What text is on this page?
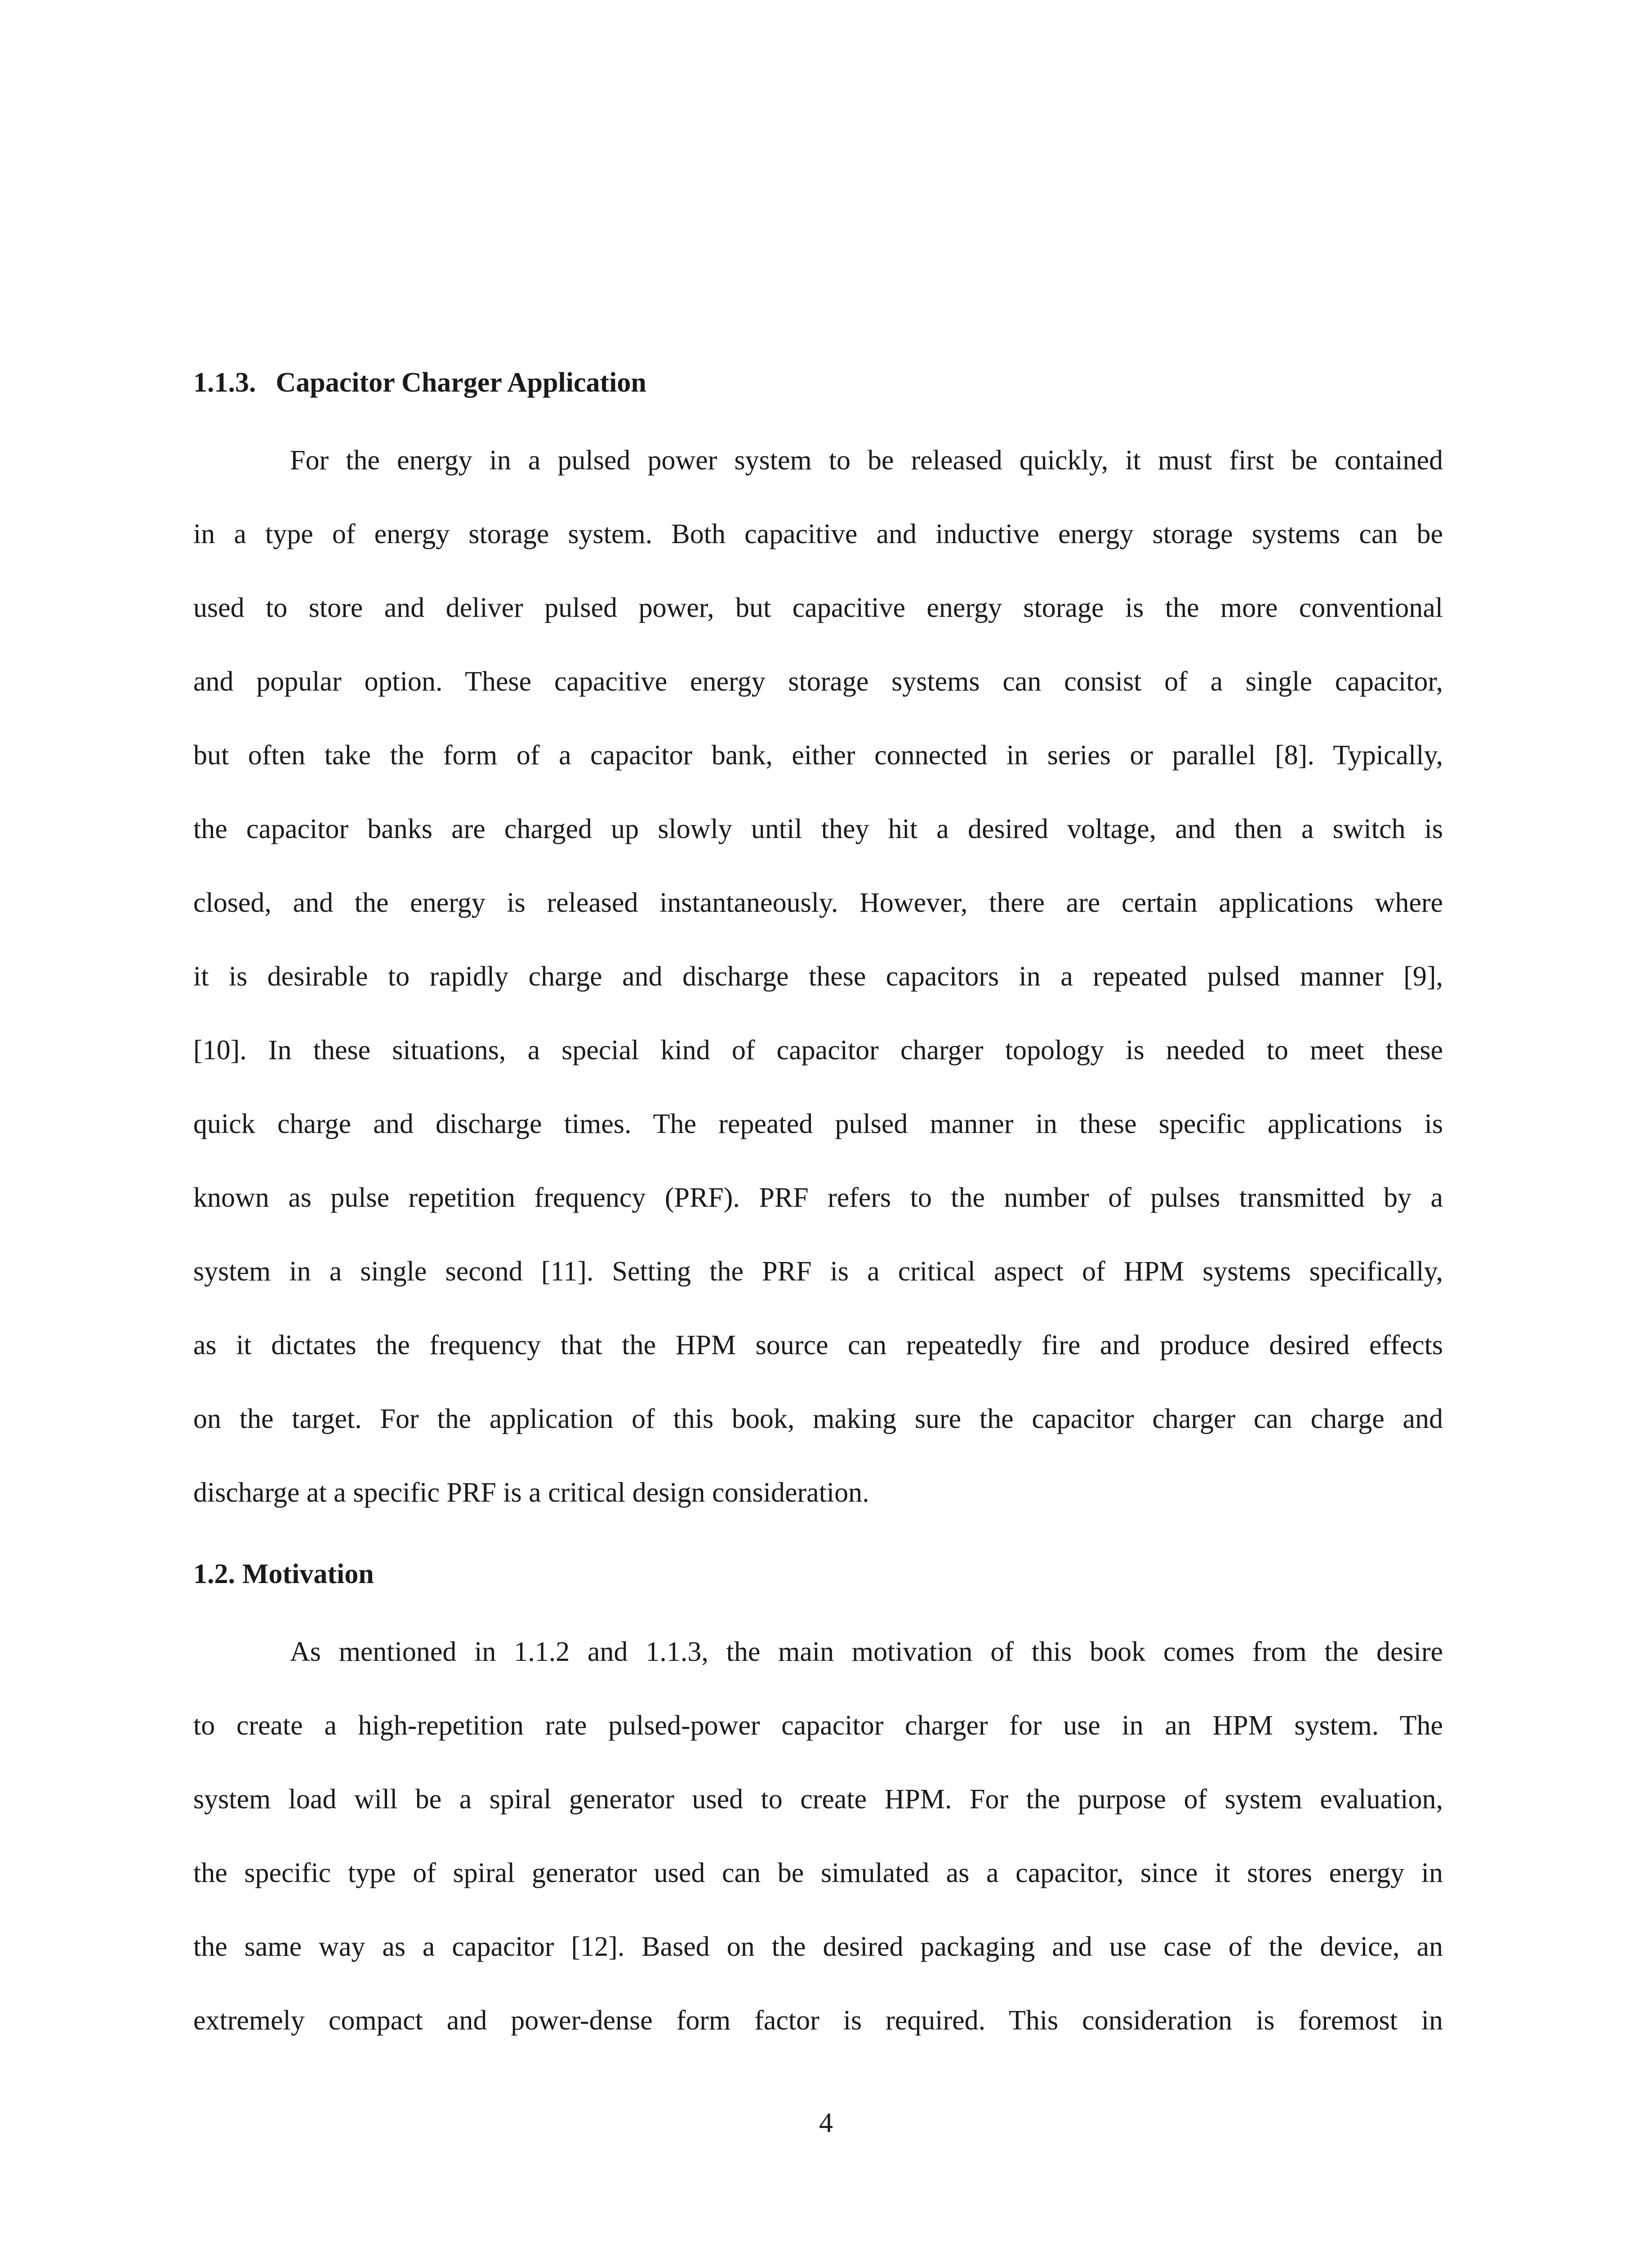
1.1.3. Capacitor Charger Application

For the energy in a pulsed power system to be released quickly, it must first be contained
in a type of energy storage system. Both capacitive and inductive energy storage systems can be
used to store and deliver pulsed power, but capacitive energy storage is the more conventional
and popular option. These capacitive energy storage systems can consist of a single capacitor,
but often take the form of a capacitor bank, either connected in series or parallel [8]. Typically,
the capacitor banks are charged up slowly until they hit a desired voltage, and then a switch is
closed, and the energy is released instantaneously. However, there are certain applications where
it is desirable to rapidly charge and discharge these capacitors in a repeated pulsed manner [9],
[10]. In these situations, a special kind of capacitor charger topology is needed to meet these
quick charge and discharge times. The repeated pulsed manner in these specific applications is
known as pulse repetition frequency (PRF). PRF refers to the number of pulses transmitted by a
system in a single second [11]. Setting the PRF is a critical aspect of HPM systems specifically,
as it dictates the frequency that the HPM source can repeatedly fire and produce desired effects
on the target. For the application of this book, making sure the capacitor charger can charge and
discharge at a specific PRF is a critical design consideration.

1.2. Motivation

As mentioned in 1.1.2 and 1.1.3, the main motivation of this book comes from the desire
to create a high-repetition rate pulsed-power capacitor charger for use in an HPM system. The
system load will be a spiral generator used to create HPM. For the purpose of system evaluation,
the specific type of spiral generator used can be simulated as a capacitor, since it stores energy in
the same way as a capacitor [12]. Based on the desired packaging and use case of the device, an
extremely compact and power-dense form factor is required. This consideration is foremost in

4
